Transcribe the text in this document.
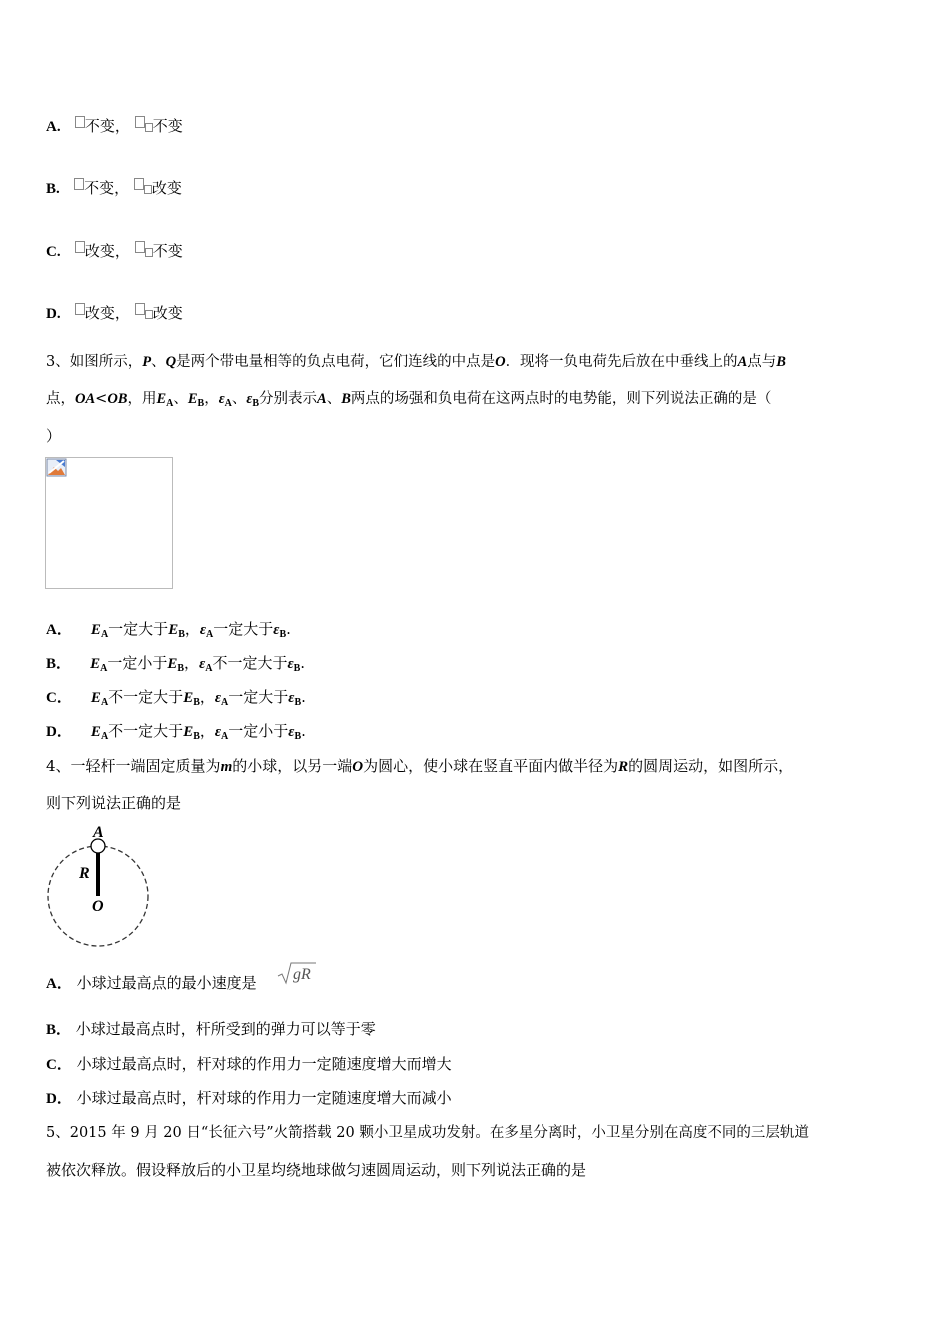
A. 不变， 不变
B. 不变， 改变
C. 改变， 不变
D. 改变， 改变
3、如图所示，P、Q是两个带电量相等的负点电荷，它们连线的中点是O．现将一负电荷先后放在中垂线上的A点与B
点，OA<OB，用$E_A$、$E_B$，$\varepsilon_A$、$\varepsilon_B$分别表示A、B两点的场强和负电荷在这两点时的电势能，则下列说法正确的是（
）
A． $E_A$一定大于$E_B$，$\varepsilon_A$一定大于$\varepsilon_B$.
B． $E_A$一定小于$E_B$，$\varepsilon_A$不一定大于$\varepsilon_B$.
C． $E_A$不一定大于$E_B$，$\varepsilon_A$一定大于$\varepsilon_B$.
D． $E_A$不一定大于$E_B$，$\varepsilon_A$一定小于$\varepsilon_B$.
4、一轻杆一端固定质量为m的小球，以另一端O为圆心，使小球在竖直平面内做半径为R的圆周运动，如图所示，
则下列说法正确的是
A
R
O
A． 小球过最高点的最小速度是 gR
B． 小球过最高点时，杆所受到的弹力可以等于零
C． 小球过最高点时，杆对球的作用力一定随速度增大而增大
D． 小球过最高点时，杆对球的作用力一定随速度增大而减小
5、2015 年 9 月 20 日“长征六号”火箭搭载 20 颗小卫星成功发射。在多星分离时，小卫星分别在高度不同的三层轨道
被依次释放。假设释放后的小卫星均绕地球做匀速圆周运动，则下列说法正确的是
